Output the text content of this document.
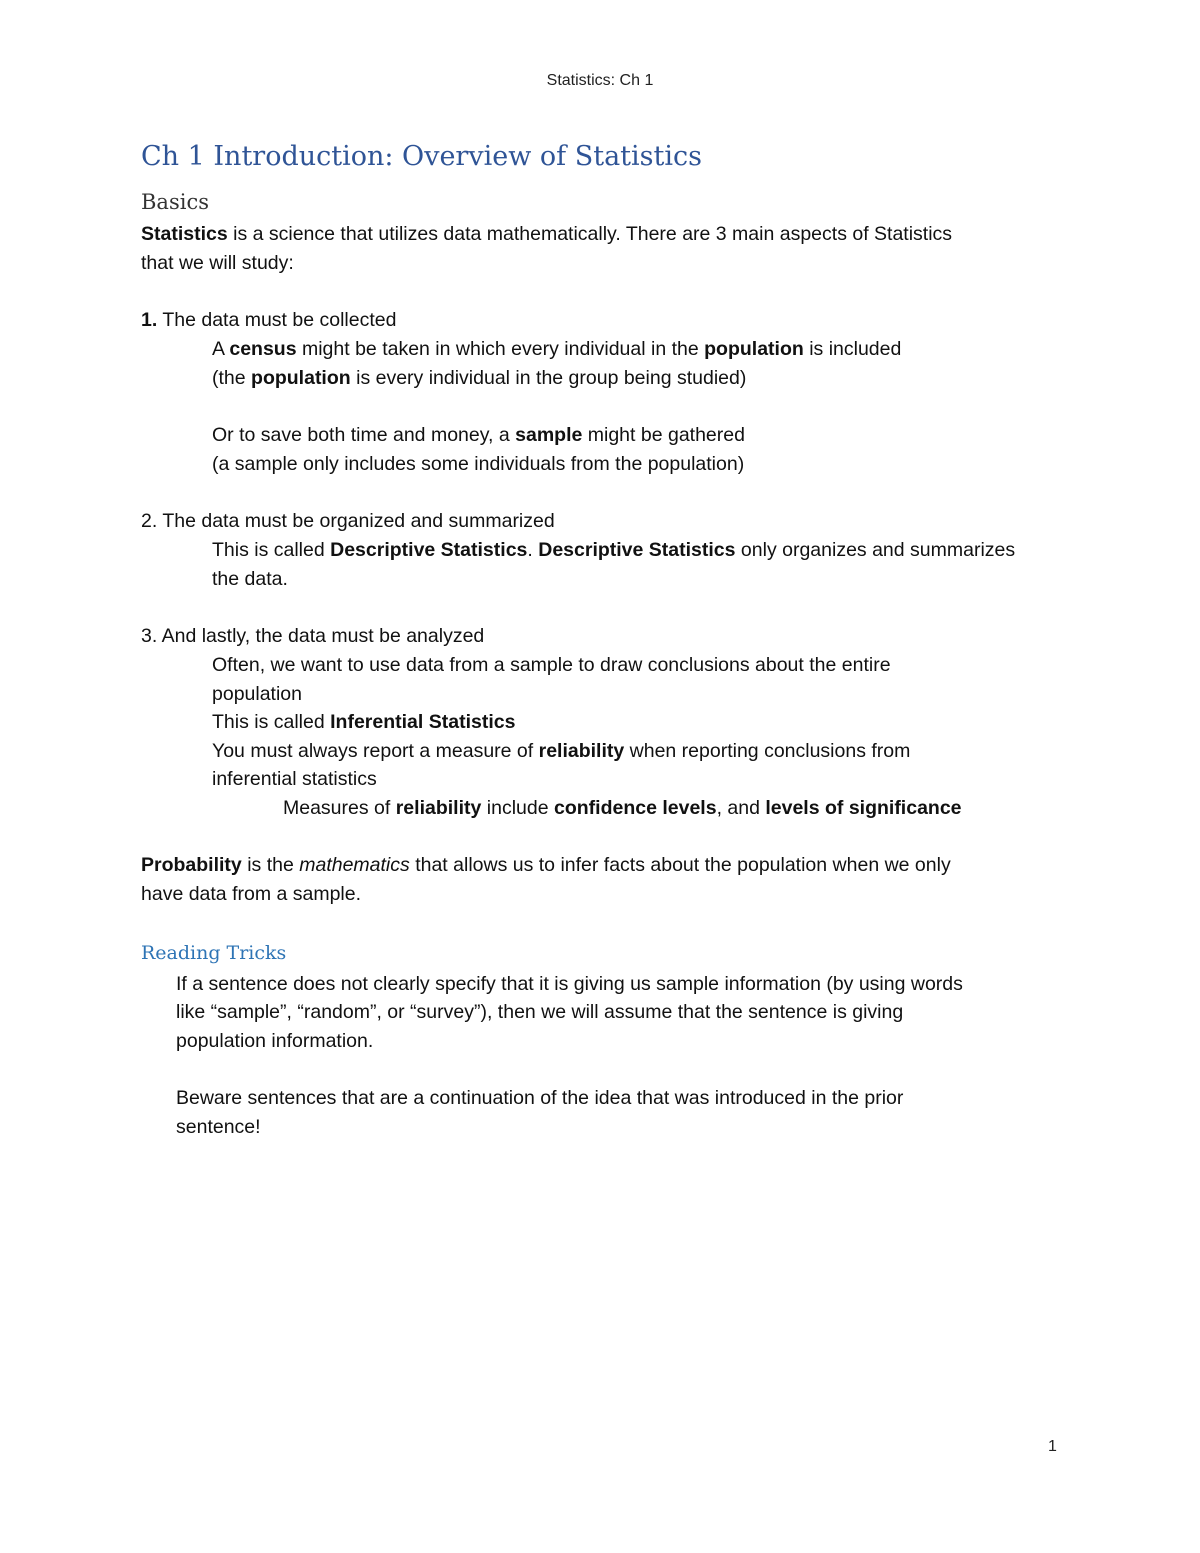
Statistics: Ch 1
Ch 1 Introduction: Overview of Statistics
Basics
Statistics is a science that utilizes data mathematically. There are 3 main aspects of Statistics
that we will study:
1. The data must be collected
A census might be taken in which every individual in the population is included
(the population is every individual in the group being studied)
Or to save both time and money, a sample might be gathered
(a sample only includes some individuals from the population)
2. The data must be organized and summarized
This is called Descriptive Statistics. Descriptive Statistics only organizes and summarizes
the data.
3. And lastly, the data must be analyzed
Often, we want to use data from a sample to draw conclusions about the entire
population
This is called Inferential Statistics
You must always report a measure of reliability when reporting conclusions from
inferential statistics
Measures of reliability include confidence levels, and levels of significance
Probability is the mathematics that allows us to infer facts about the population when we only
have data from a sample.
Reading Tricks
If a sentence does not clearly specify that it is giving us sample information (by using words
like “sample”, “random”, or “survey”), then we will assume that the sentence is giving
population information.
Beware sentences that are a continuation of the idea that was introduced in the prior
sentence!
1
